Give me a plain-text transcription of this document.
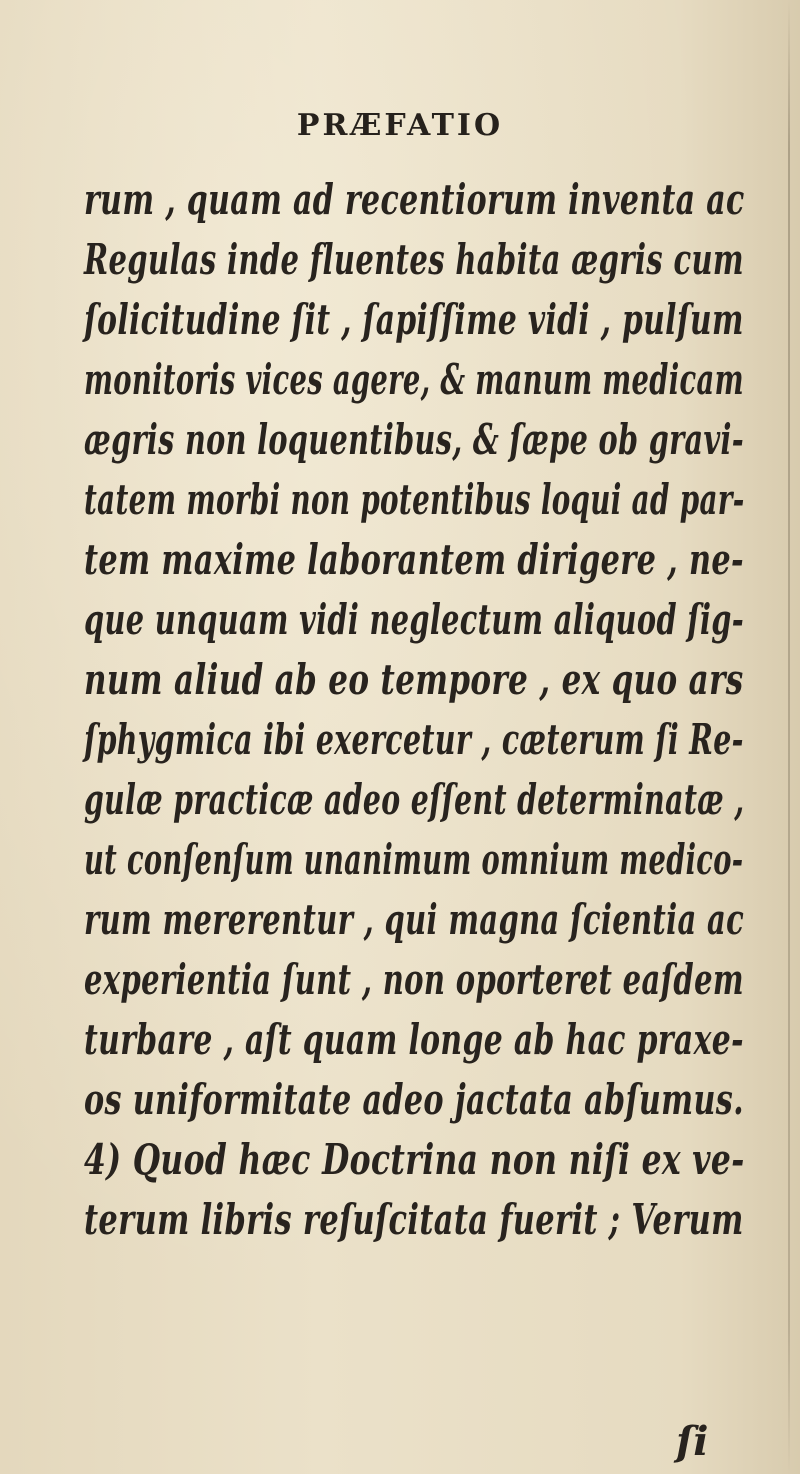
PRÆFATIO
rum , quam ad recentiorum inventa ac
Regulas inde fluentes habita ægris cum
ſolicitudine ſit , ſapiſſime vidi , pulſum
monitoris vices agere, & manum medicam
ægris non loquentibus, & ſæpe ob gravi-
tatem morbi non potentibus loqui ad par-
tem maxime laborantem dirigere , ne-
que unquam vidi neglectum aliquod ſig-
num aliud ab eo tempore , ex quo ars
ſphygmica ibi exercetur , cæterum ſi Re-
gulæ practicæ adeo eſſent determinatæ ,
ut conſenſum unanimum omnium medico-
rum mererentur , qui magna ſcientia ac
experientia ſunt , non oporteret eaſdem
turbare , aſt quam longe ab hac praxe-
os uniformitate adeo jactata abſumus.
4) Quod hæc Doctrina non niſi ex ve-
terum libris reſuſcitata fuerit ; Verum
ſi
